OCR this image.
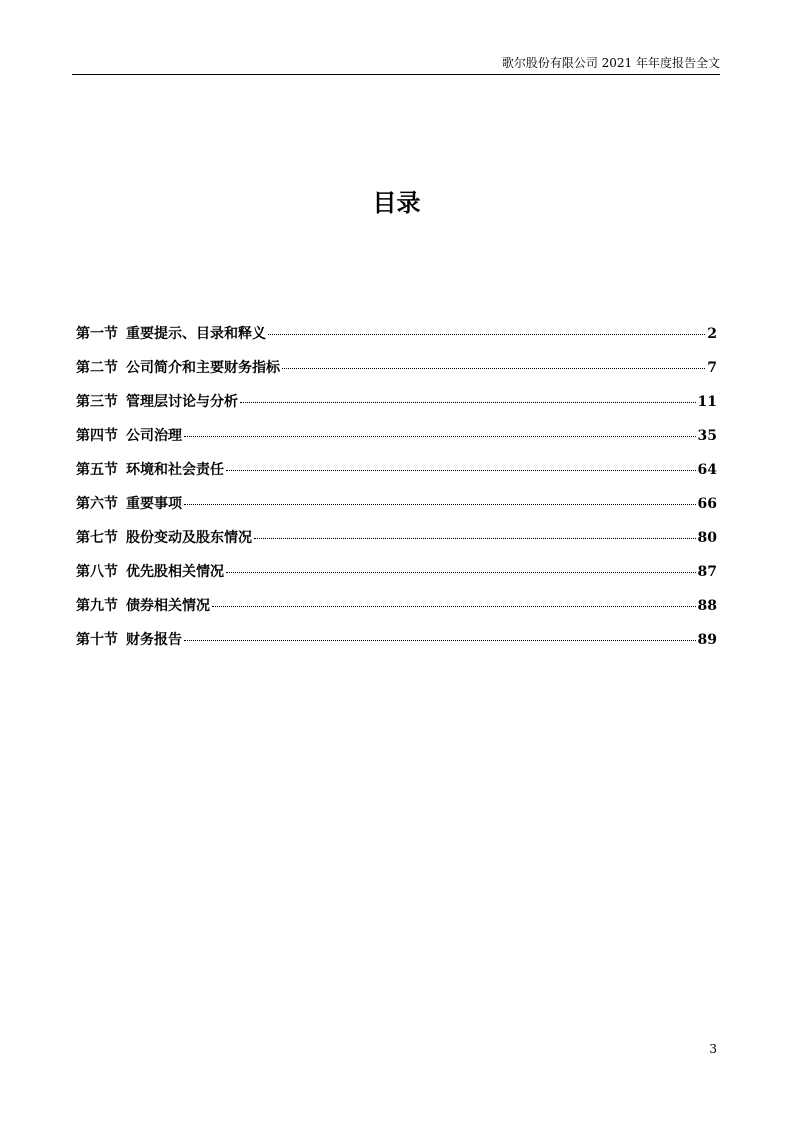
歌尔股份有限公司 2021 年年度报告全文
目录
第一节 重要提示、目录和释义	2
第二节 公司简介和主要财务指标	7
第三节 管理层讨论与分析	11
第四节 公司治理	35
第五节 环境和社会责任	64
第六节 重要事项	66
第七节 股份变动及股东情况	80
第八节 优先股相关情况	87
第九节 债券相关情况	88
第十节 财务报告	89
3
